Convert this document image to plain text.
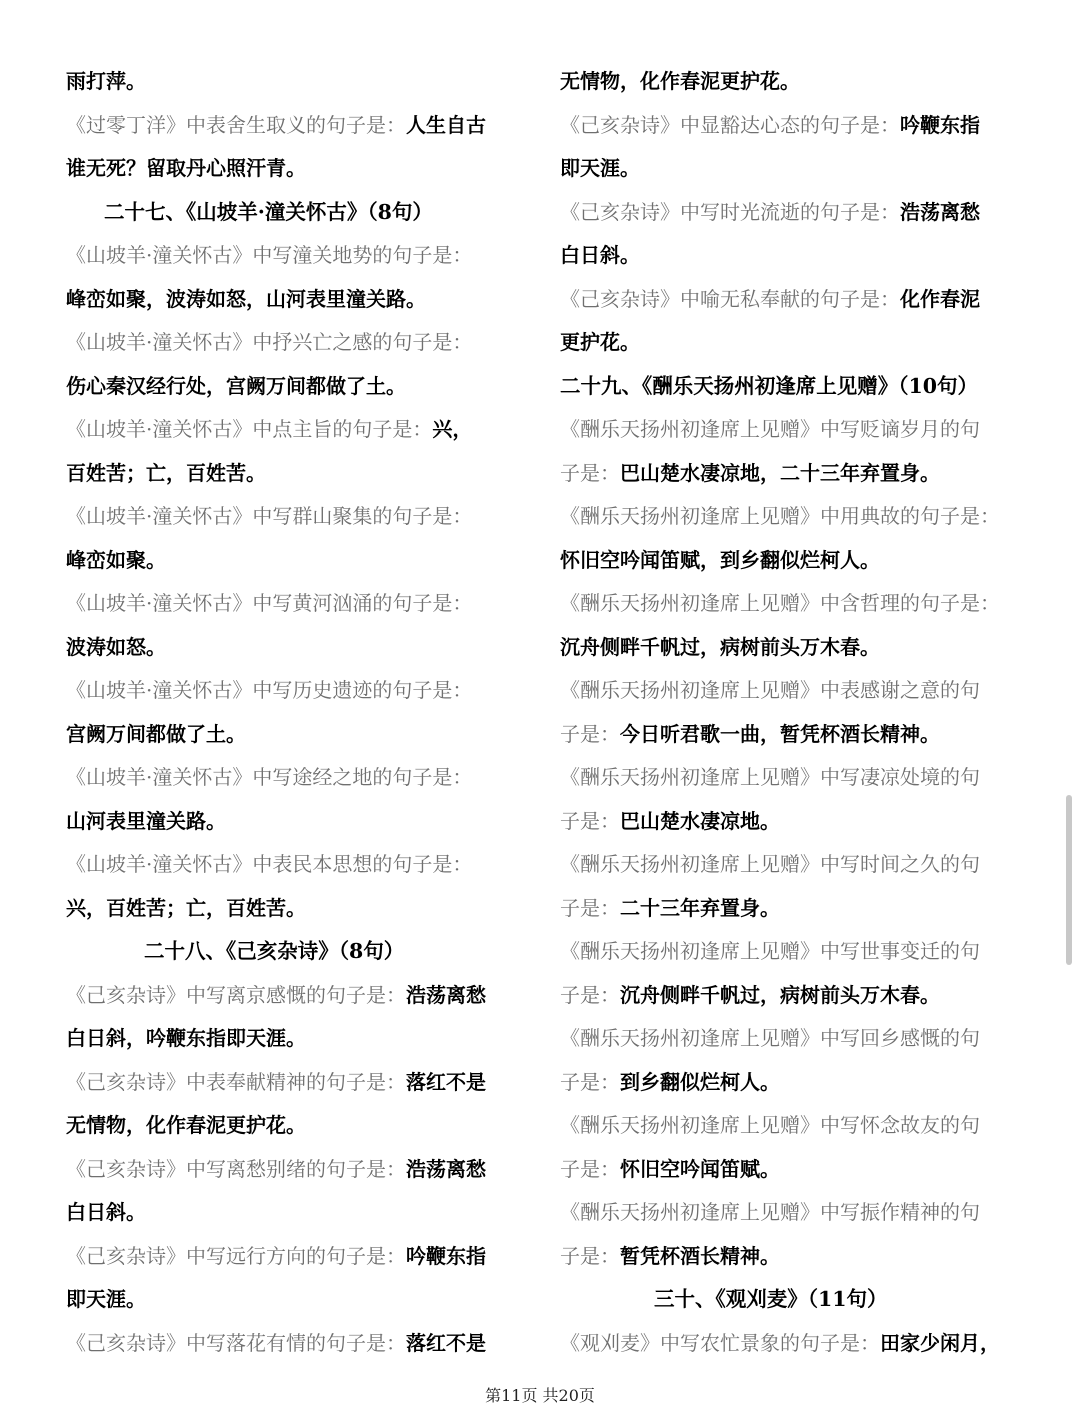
雨打萍。
《过零丁洋》中表舍生取义的句子是：人生自古
谁无死？留取丹心照汗青。
二十七、《山坡羊·潼关怀古》（8句）
《山坡羊·潼关怀古》中写潼关地势的句子是：
峰峦如聚，波涛如怒，山河表里潼关路。
《山坡羊·潼关怀古》中抒兴亡之感的句子是：
伤心秦汉经行处，宫阙万间都做了土。
《山坡羊·潼关怀古》中点主旨的句子是：兴，
百姓苦；亡，百姓苦。
《山坡羊·潼关怀古》中写群山聚集的句子是：
峰峦如聚。
《山坡羊·潼关怀古》中写黄河汹涌的句子是：
波涛如怒。
《山坡羊·潼关怀古》中写历史遗迹的句子是：
宫阙万间都做了土。
《山坡羊·潼关怀古》中写途经之地的句子是：
山河表里潼关路。
《山坡羊·潼关怀古》中表民本思想的句子是：
兴，百姓苦；亡，百姓苦。
二十八、《己亥杂诗》（8句）
《己亥杂诗》中写离京感慨的句子是：浩荡离愁
白日斜，吟鞭东指即天涯。
《己亥杂诗》中表奉献精神的句子是：落红不是
无情物，化作春泥更护花。
《己亥杂诗》中写离愁别绪的句子是：浩荡离愁
白日斜。
《己亥杂诗》中写远行方向的句子是：吟鞭东指
即天涯。
《己亥杂诗》中写落花有情的句子是：落红不是
无情物，化作春泥更护花。
《己亥杂诗》中显豁达心态的句子是：吟鞭东指
即天涯。
《己亥杂诗》中写时光流逝的句子是：浩荡离愁
白日斜。
《己亥杂诗》中喻无私奉献的句子是：化作春泥
更护花。
二十九、《酬乐天扬州初逢席上见赠》（10句）
《酬乐天扬州初逢席上见赠》中写贬谪岁月的句
子是：巴山楚水凄凉地，二十三年弃置身。
《酬乐天扬州初逢席上见赠》中用典故的句子是：
怀旧空吟闻笛赋，到乡翻似烂柯人。
《酬乐天扬州初逢席上见赠》中含哲理的句子是：
沉舟侧畔千帆过，病树前头万木春。
《酬乐天扬州初逢席上见赠》中表感谢之意的句
子是：今日听君歌一曲，暂凭杯酒长精神。
《酬乐天扬州初逢席上见赠》中写凄凉处境的句
子是：巴山楚水凄凉地。
《酬乐天扬州初逢席上见赠》中写时间之久的句
子是：二十三年弃置身。
《酬乐天扬州初逢席上见赠》中写世事变迁的句
子是：沉舟侧畔千帆过，病树前头万木春。
《酬乐天扬州初逢席上见赠》中写回乡感慨的句
子是：到乡翻似烂柯人。
《酬乐天扬州初逢席上见赠》中写怀念故友的句
子是：怀旧空吟闻笛赋。
《酬乐天扬州初逢席上见赠》中写振作精神的句
子是：暂凭杯酒长精神。
三十、《观刈麦》（11句）
《观刈麦》中写农忙景象的句子是：田家少闲月，
第11页 共20页
